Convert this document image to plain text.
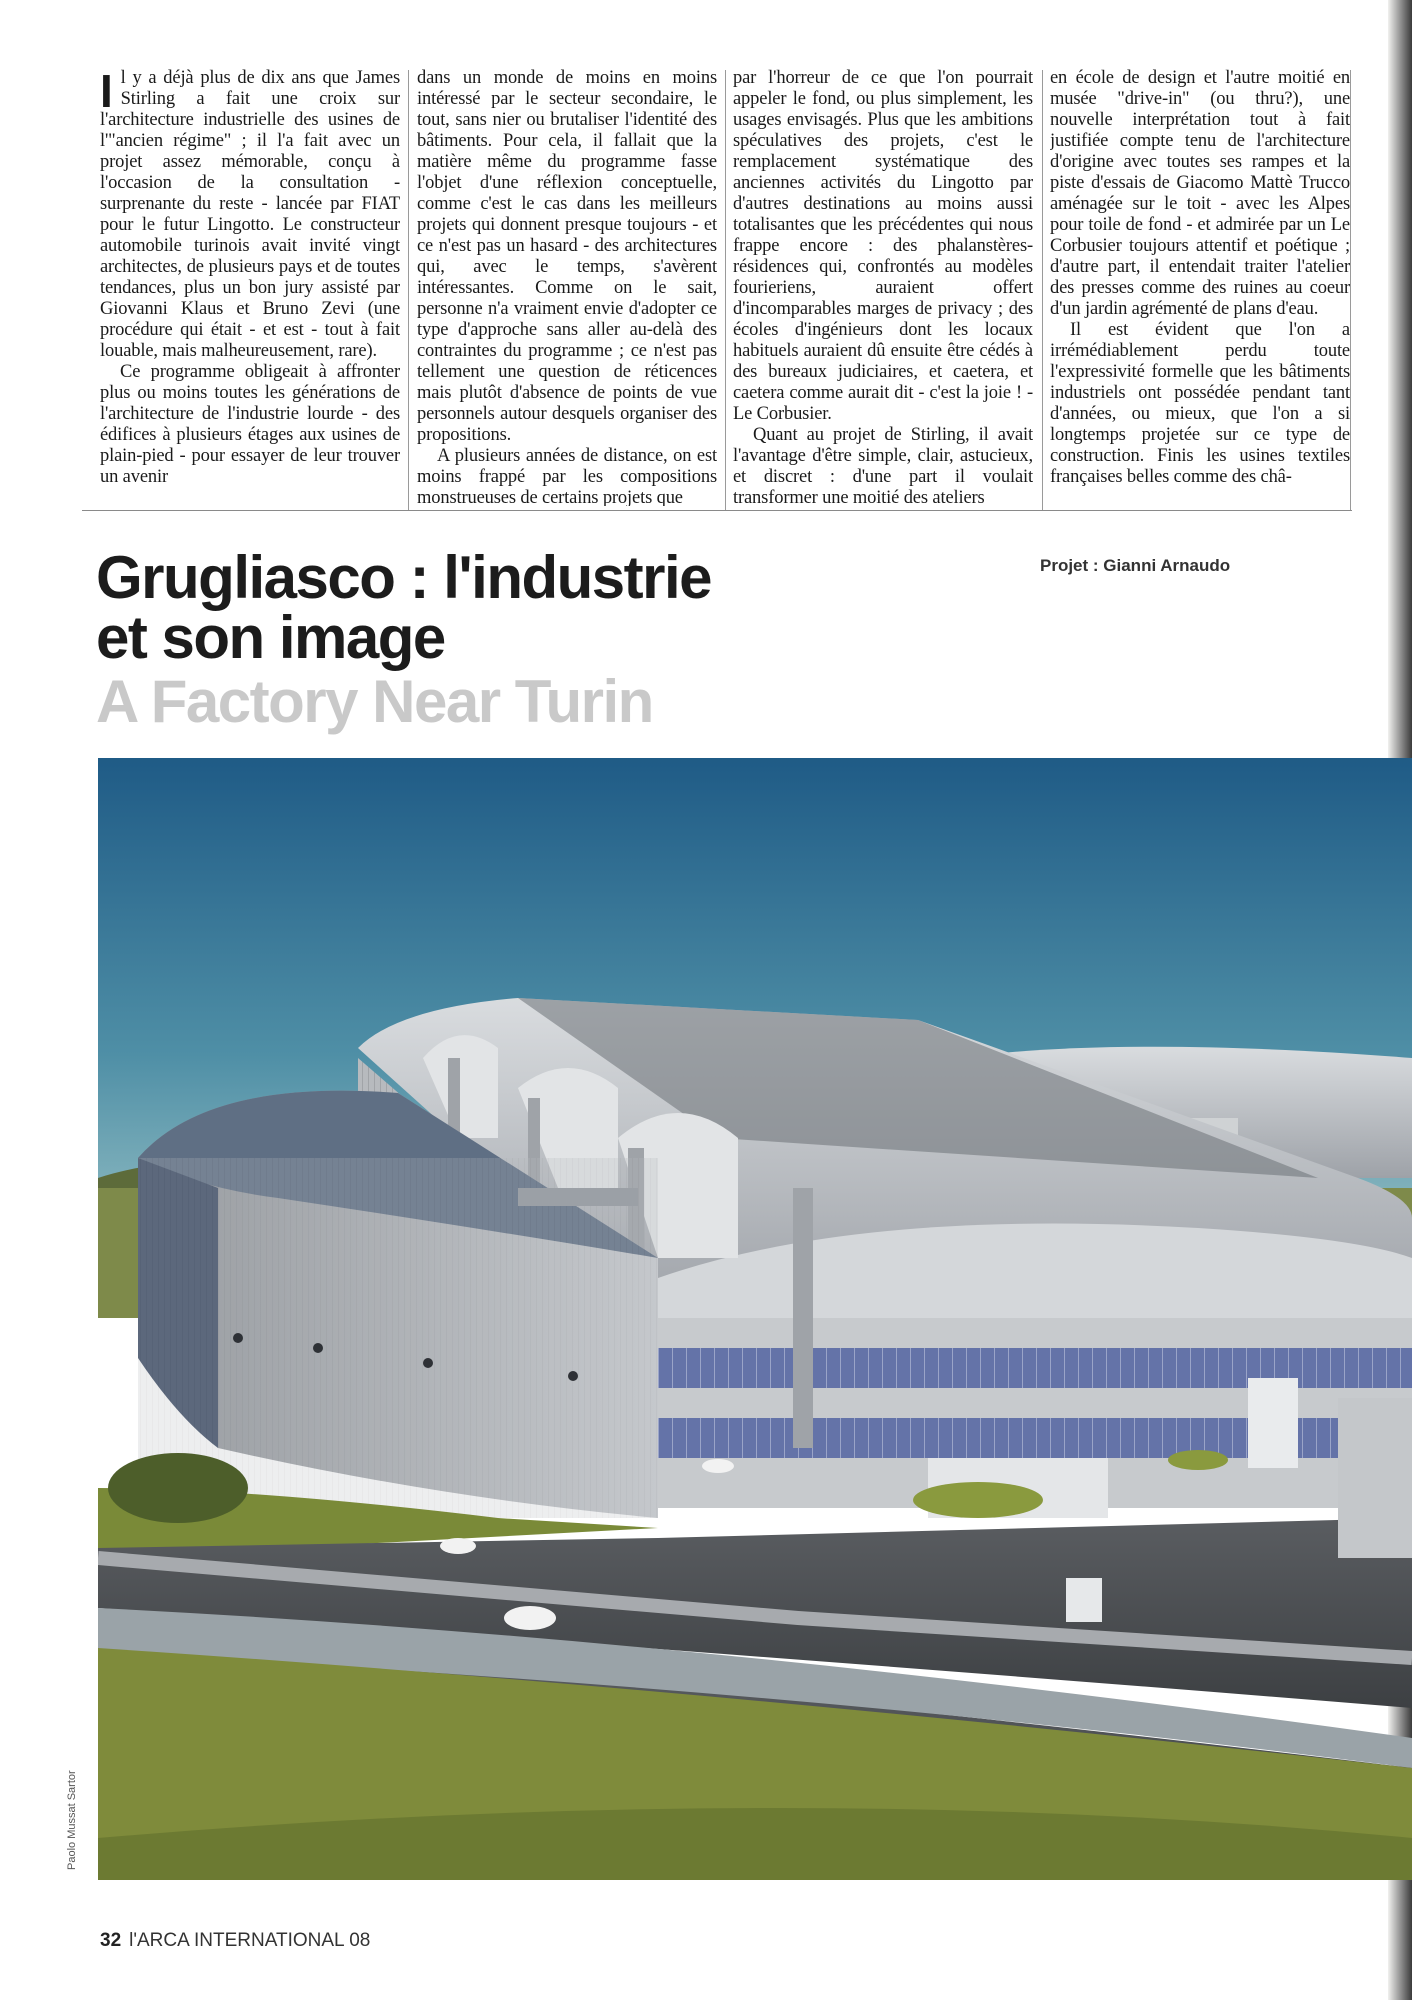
Il y a déjà plus de dix ans que James Stirling a fait une croix sur l'architecture industrielle des usines de l'"ancien régime" ; il l'a fait avec un projet assez mémorable, conçu à l'occasion de la consultation - surprenante du reste - lancée par FIAT pour le futur Lingotto. Le constructeur automobile turinois avait invité vingt architectes, de plusieurs pays et de toutes tendances, plus un bon jury assisté par Giovanni Klaus et Bruno Zevi (une procédure qui était - et est - tout à fait louable, mais malheureusement, rare).

Ce programme obligeait à affronter plus ou moins toutes les générations de l'architecture de l'industrie lourde - des édifices à plusieurs étages aux usines de plain-pied - pour essayer de leur trouver un avenir

dans un monde de moins en moins intéressé par le secteur secondaire, le tout, sans nier ou brutaliser l'identité des bâtiments. Pour cela, il fallait que la matière même du programme fasse l'objet d'une réflexion conceptuelle, comme c'est le cas dans les meilleurs projets qui donnent presque toujours - et ce n'est pas un hasard - des architectures qui, avec le temps, s'avèrent intéressantes. Comme on le sait, personne n'a vraiment envie d'adopter ce type d'approche sans aller au-delà des contraintes du programme ; ce n'est pas tellement une question de réticences mais plutôt d'absence de points de vue personnels autour desquels organiser des propositions.

A plusieurs années de distance, on est moins frappé par les compositions monstrueuses de certains projets que

par l'horreur de ce que l'on pourrait appeler le fond, ou plus simplement, les usages envisagés. Plus que les ambitions spéculatives des projets, c'est le remplacement systématique des anciennes activités du Lingotto par d'autres destinations au moins aussi totalisantes que les précédentes qui nous frappe encore : des phalanstères-résidences qui, confrontés au modèles fourieriens, auraient offert d'incomparables marges de privacy ; des écoles d'ingénieurs dont les locaux habituels auraient dû ensuite être cédés à des bureaux judiciaires, et caetera, et caetera comme aurait dit - c'est la joie ! - Le Corbusier.

Quant au projet de Stirling, il avait l'avantage d'être simple, clair, astucieux, et discret : d'une part il voulait transformer une moitié des ateliers

en école de design et l'autre moitié en musée "drive-in" (ou thru?), une nouvelle interprétation tout à fait justifiée compte tenu de l'architecture d'origine avec toutes ses rampes et la piste d'essais de Giacomo Mattè Trucco aménagée sur le toit - avec les Alpes pour toile de fond - et admirée par un Le Corbusier toujours attentif et poétique ; d'autre part, il entendait traiter l'atelier des presses comme des ruines au coeur d'un jardin agrémenté de plans d'eau.

Il est évident que l'on a irrémédiablement perdu toute l'expressivité formelle que les bâtiments industriels ont possédée pendant tant d'années, ou mieux, que l'on a si longtemps projetée sur ce type de construction. Finis les usines textiles françaises belles comme des châ-

Grugliasco : l'industrie
et son image
A Factory Near Turin
Projet : Gianni Arnaudo
Paolo Mussat Sartor
32 l'ARCA INTERNATIONAL 08
